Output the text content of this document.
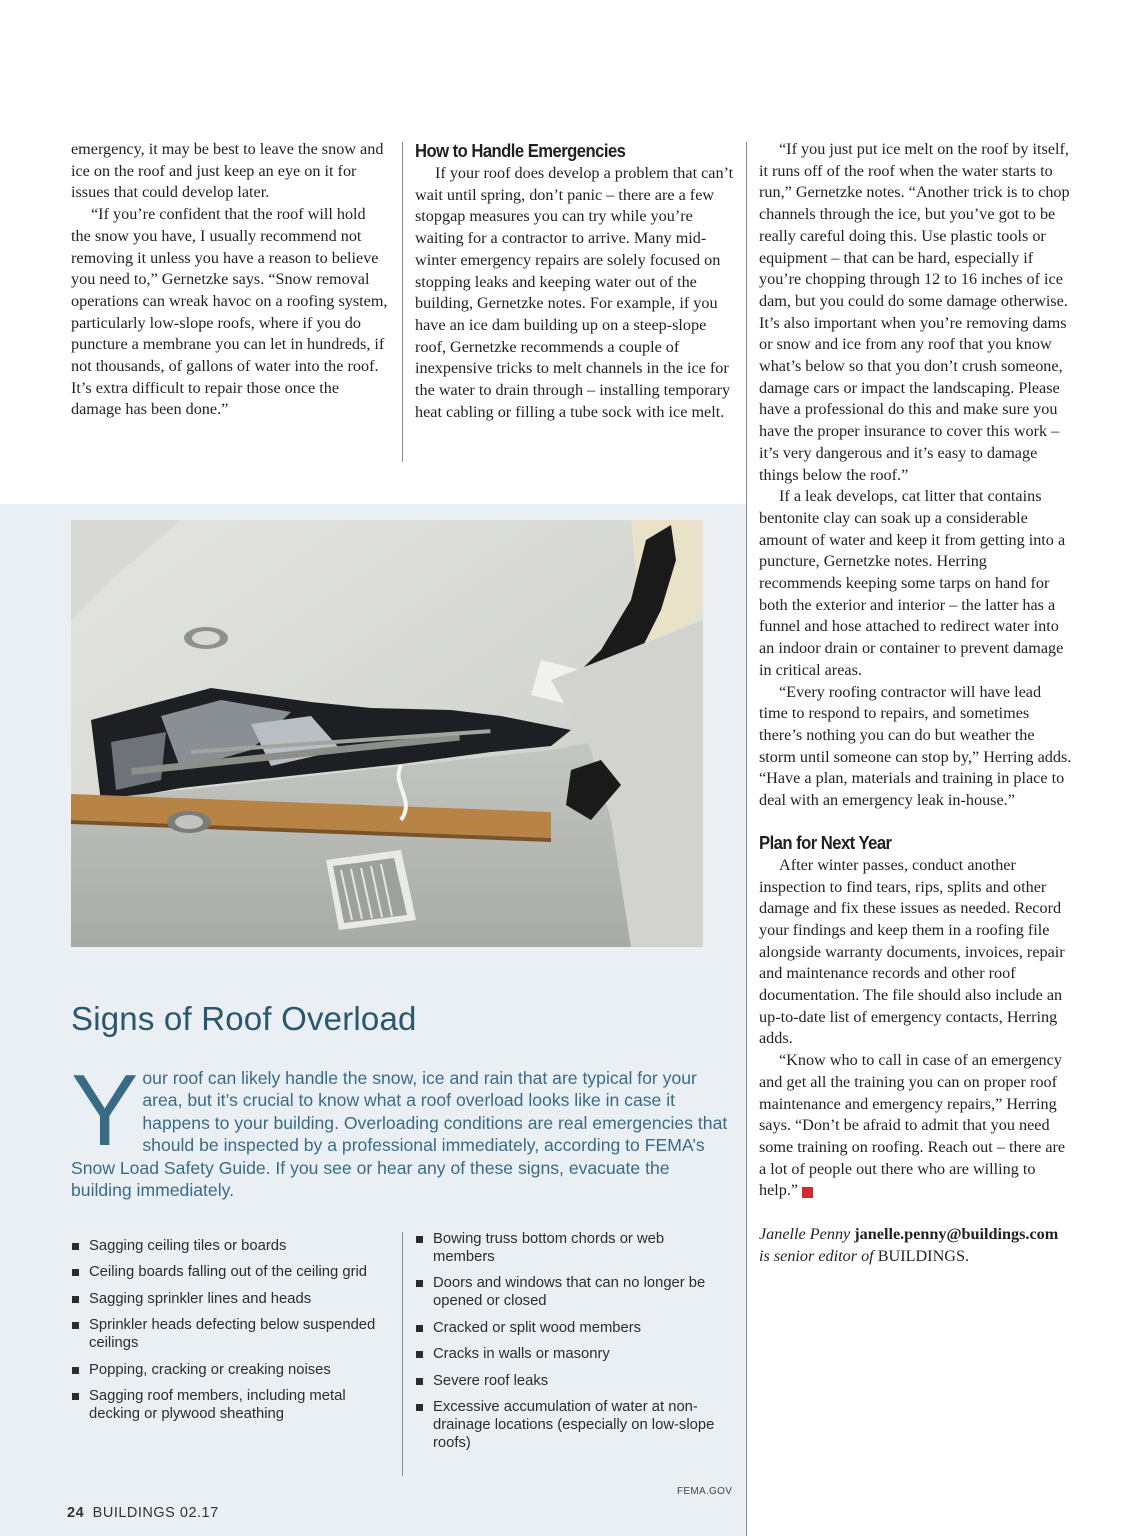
emergency, it may be best to leave the snow and ice on the roof and just keep an eye on it for issues that could develop later.

“If you’re confident that the roof will hold the snow you have, I usually recommend not removing it unless you have a reason to believe you need to,” Gernetzke says. “Snow removal operations can wreak havoc on a roofing system, particularly low-slope roofs, where if you do puncture a membrane you can let in hundreds, if not thousands, of gallons of water into the roof. It’s extra difficult to repair those once the damage has been done.”

How to Handle Emergencies

If your roof does develop a problem that can’t wait until spring, don’t panic – there are a few stopgap measures you can try while you’re waiting for a contractor to arrive. Many mid-winter emergency repairs are solely focused on stopping leaks and keeping water out of the building, Gernetzke notes. For example, if you have an ice dam building up on a steep-slope roof, Gernetzke recommends a couple of inexpensive tricks to melt channels in the ice for the water to drain through – installing temporary heat cabling or filling a tube sock with ice melt.

“If you just put ice melt on the roof by itself, it runs off of the roof when the water starts to run,” Gernetzke notes. “Another trick is to chop channels through the ice, but you’ve got to be really careful doing this. Use plastic tools or equipment – that can be hard, especially if you’re chopping through 12 to 16 inches of ice dam, but you could do some damage otherwise. It’s also important when you’re removing dams or snow and ice from any roof that you know what’s below so that you don’t crush someone, damage cars or impact the landscaping. Please have a professional do this and make sure you have the proper insurance to cover this work – it’s very dangerous and it’s easy to damage things below the roof.”

If a leak develops, cat litter that contains bentonite clay can soak up a considerable amount of water and keep it from getting into a puncture, Gernetzke notes. Herring recommends keeping some tarps on hand for both the exterior and interior – the latter has a funnel and hose attached to redirect water into an indoor drain or container to prevent damage in critical areas.

“Every roofing contractor will have lead time to respond to repairs, and sometimes there’s nothing you can do but weather the storm until someone can stop by,” Herring adds. “Have a plan, materials and training in place to deal with an emergency leak in-house.”

Plan for Next Year

After winter passes, conduct another inspection to find tears, rips, splits and other damage and fix these issues as needed. Record your findings and keep them in a roofing file alongside warranty documents, invoices, repair and maintenance records and other roof documentation. The file should also include an up-to-date list of emergency contacts, Herring adds.

“Know who to call in case of an emergency and get all the training you can on proper roof maintenance and emergency repairs,” Herring says. “Don’t be afraid to admit that you need some training on roofing. Reach out – there are a lot of people out there who are willing to help.”	B

Janelle Penny janelle.penny@buildings.com is senior editor of BUILDINGS.

Signs of Roof Overload

Your roof can likely handle the snow, ice and rain that are typical for your area, but it’s crucial to know what a roof overload looks like in case it happens to your building. Overloading conditions are real emergencies that should be inspected by a professional immediately, according to FEMA’s Snow Load Safety Guide. If you see or hear any of these signs, evacuate the building immediately.

Sagging ceiling tiles or boards
Ceiling boards falling out of the ceiling grid
Sagging sprinkler lines and heads
Sprinkler heads defecting below suspended ceilings
Popping, cracking or creaking noises
Sagging roof members, including metal decking or plywood sheathing
Bowing truss bottom chords or web members
Doors and windows that can no longer be opened or closed
Cracked or split wood members
Cracks in walls or masonry
Severe roof leaks
Excessive accumulation of water at non-drainage locations (especially on low-slope roofs)
FEMA.GOV
24 BUILDINGS 02.17
